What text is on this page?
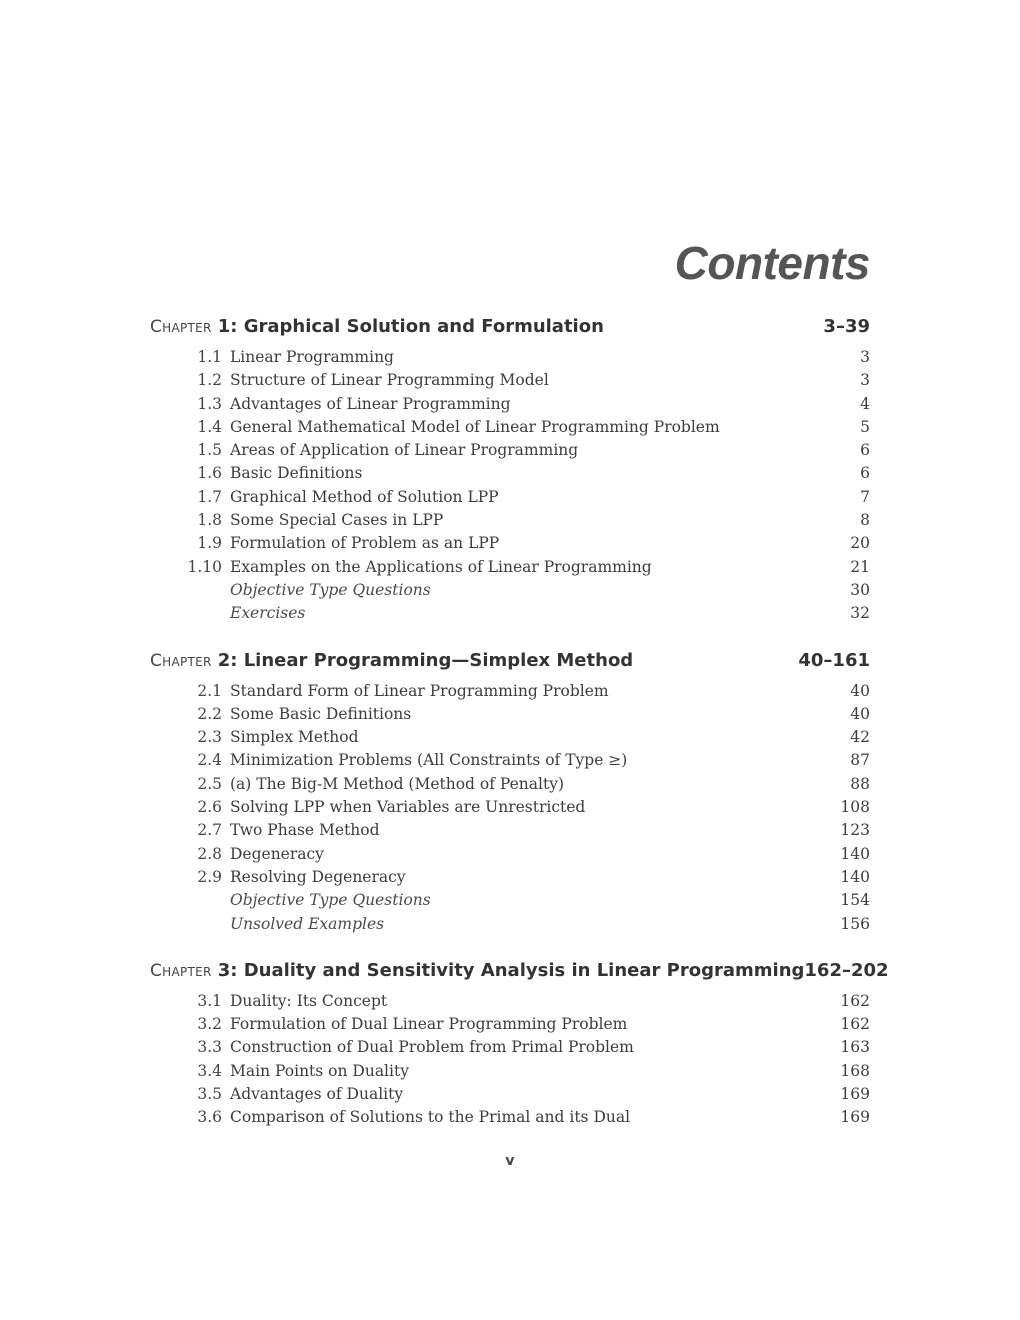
Contents
Chapter 1: Graphical Solution and Formulation	3–39
1.1 Linear Programming	3
1.2 Structure of Linear Programming Model	3
1.3 Advantages of Linear Programming	4
1.4 General Mathematical Model of Linear Programming Problem	5
1.5 Areas of Application of Linear Programming	6
1.6 Basic Definitions	6
1.7 Graphical Method of Solution LPP	7
1.8 Some Special Cases in LPP	8
1.9 Formulation of Problem as an LPP	20
1.10 Examples on the Applications of Linear Programming	21
Objective Type Questions	30
Exercises	32
Chapter 2: Linear Programming—Simplex Method	40–161
2.1 Standard Form of Linear Programming Problem	40
2.2 Some Basic Definitions	40
2.3 Simplex Method	42
2.4 Minimization Problems (All Constraints of Type ≥)	87
2.5 (a) The Big-M Method (Method of Penalty)	88
2.6 Solving LPP when Variables are Unrestricted	108
2.7 Two Phase Method	123
2.8 Degeneracy	140
2.9 Resolving Degeneracy	140
Objective Type Questions	154
Unsolved Examples	156
Chapter 3: Duality and Sensitivity Analysis in Linear Programming 162–202
3.1 Duality: Its Concept	162
3.2 Formulation of Dual Linear Programming Problem	162
3.3 Construction of Dual Problem from Primal Problem	163
3.4 Main Points on Duality	168
3.5 Advantages of Duality	169
3.6 Comparison of Solutions to the Primal and its Dual	169
v
